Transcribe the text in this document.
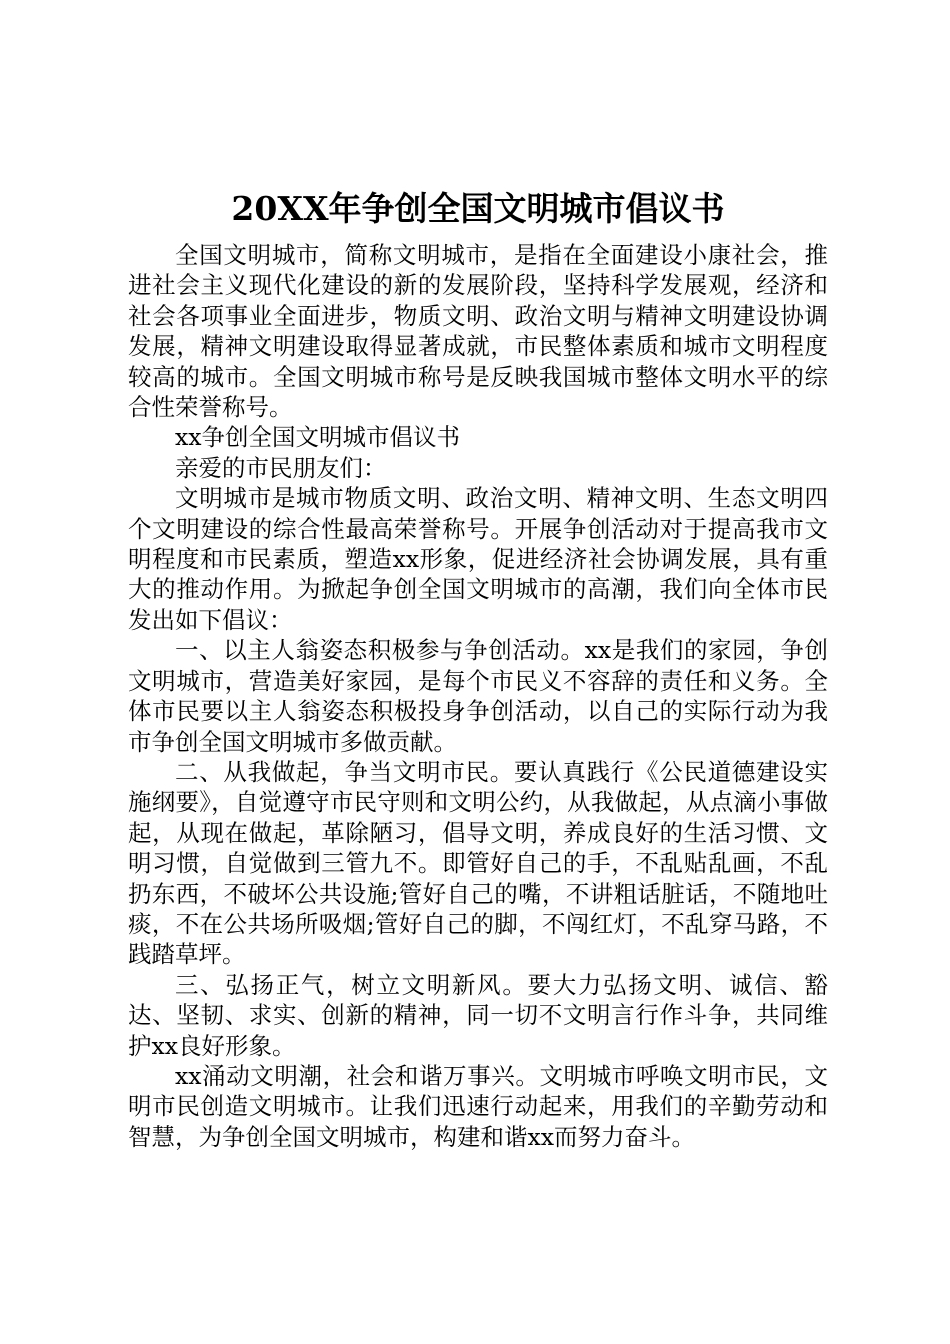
20XX年争创全国文明城市倡议书

全国文明城市，简称文明城市，是指在全面建设小康社会，推进社会主义现代化建设的新的发展阶段，坚持科学发展观，经济和社会各项事业全面进步，物质文明、政治文明与精神文明建设协调发展，精神文明建设取得显著成就，市民整体素质和城市文明程度较高的城市。全国文明城市称号是反映我国城市整体文明水平的综合性荣誉称号。

xx争创全国文明城市倡议书

亲爱的市民朋友们：

文明城市是城市物质文明、政治文明、精神文明、生态文明四个文明建设的综合性最高荣誉称号。开展争创活动对于提高我市文明程度和市民素质，塑造xx形象，促进经济社会协调发展，具有重大的推动作用。为掀起争创全国文明城市的高潮，我们向全体市民发出如下倡议：

一、以主人翁姿态积极参与争创活动。xx是我们的家园，争创文明城市，营造美好家园，是每个市民义不容辞的责任和义务。全体市民要以主人翁姿态积极投身争创活动，以自己的实际行动为我市争创全国文明城市多做贡献。

二、从我做起，争当文明市民。要认真践行《公民道德建设实施纲要》，自觉遵守市民守则和文明公约，从我做起，从点滴小事做起，从现在做起，革除陋习，倡导文明，养成良好的生活习惯、文明习惯，自觉做到三管九不。即管好自己的手，不乱贴乱画，不乱扔东西，不破坏公共设施;管好自己的嘴，不讲粗话脏话，不随地吐痰，不在公共场所吸烟;管好自己的脚，不闯红灯，不乱穿马路，不践踏草坪。

三、弘扬正气，树立文明新风。要大力弘扬文明、诚信、豁达、坚韧、求实、创新的精神，同一切不文明言行作斗争，共同维护xx良好形象。

xx涌动文明潮，社会和谐万事兴。文明城市呼唤文明市民，文明市民创造文明城市。让我们迅速行动起来，用我们的辛勤劳动和智慧，为争创全国文明城市，构建和谐xx而努力奋斗。
